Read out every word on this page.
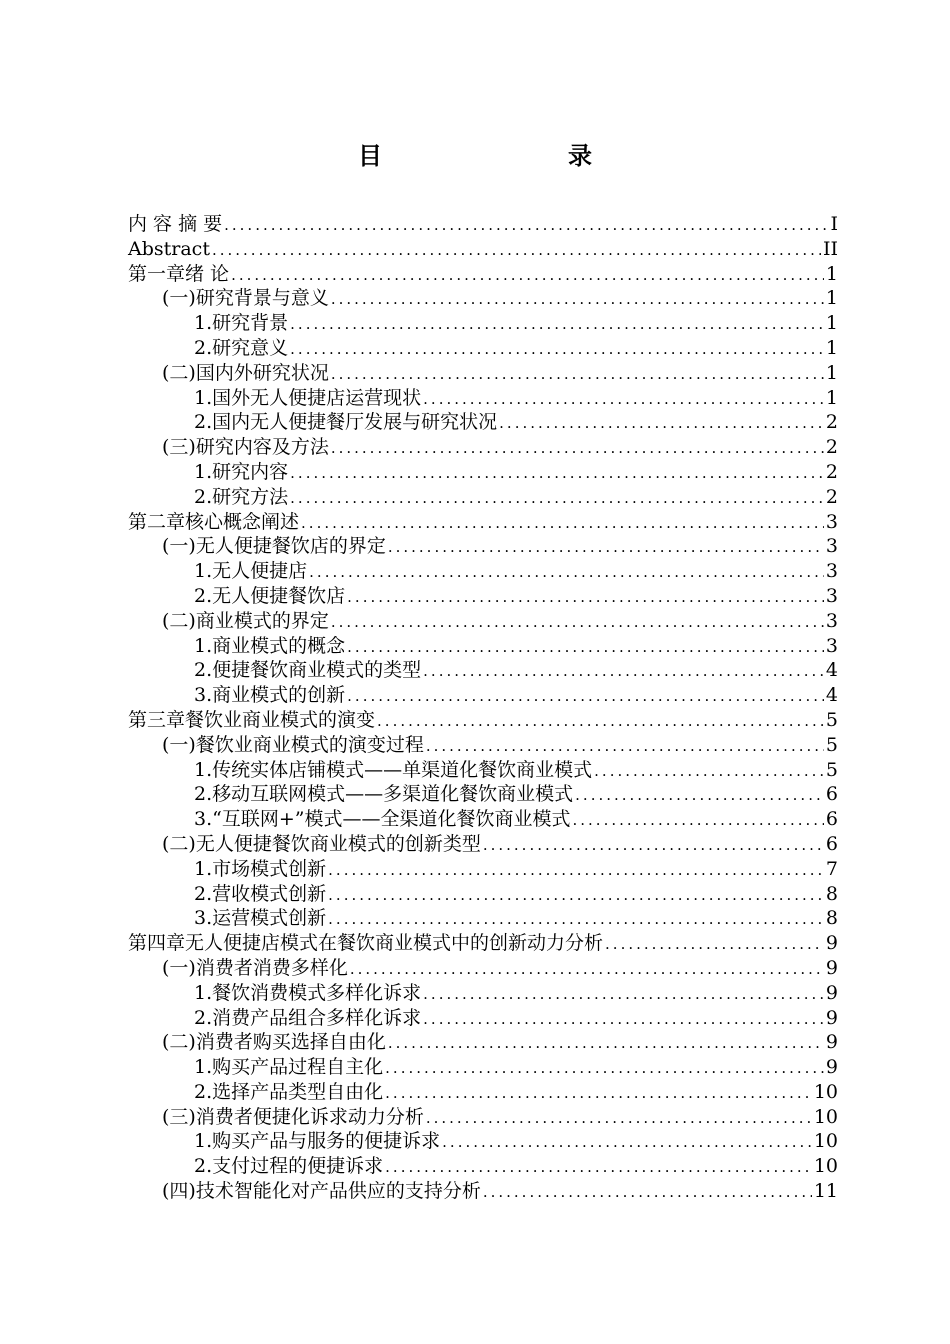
目　　录
内 容 摘 要 .....	I
Abstract .....	II
第一章 绪 论 .....	1
(一) 研究背景与意义 .....	1
1. 研究背景 .....	1
2. 研究意义 .....	1
(二) 国内外研究状况 .....	1
1. 国外无人便捷店运营现状 .....	1
2. 国内无人便捷餐厅发展与研究状况 .....	2
(三) 研究内容及方法 .....	2
1. 研究内容 .....	2
2. 研究方法 .....	2
第二章 核心概念阐述 .....	3
(一) 无人便捷餐饮店的界定 .....	3
1. 无人便捷店 .....	3
2. 无人便捷餐饮店 .....	3
(二) 商业模式的界定 .....	3
1. 商业模式的概念 .....	3
2. 便捷餐饮商业模式的类型 .....	4
3. 商业模式的创新 .....	4
第三章 餐饮业商业模式的演变 .....	5
(一) 餐饮业商业模式的演变过程 .....	5
1. 传统实体店铺模式——单渠道化餐饮商业模式 .....	5
2. 移动互联网模式——多渠道化餐饮商业模式 .....	6
3. “互联网+”模式——全渠道化餐饮商业模式 .....	6
(二) 无人便捷餐饮商业模式的创新类型 .....	6
1. 市场模式创新 .....	7
2. 营收模式创新 .....	8
3. 运营模式创新 .....	8
第四章 无人便捷店模式在餐饮商业模式中的创新动力分析 .....	9
(一) 消费者消费多样化 .....	9
1. 餐饮消费模式多样化诉求 .....	9
2. 消费产品组合多样化诉求 .....	9
(二) 消费者购买选择自由化 .....	9
1. 购买产品过程自主化 .....	9
2. 选择产品类型自由化 .....	10
(三) 消费者便捷化诉求动力分析 .....	10
1. 购买产品与服务的便捷诉求 .....	10
2. 支付过程的便捷诉求 .....	10
(四) 技术智能化对产品供应的支持分析 .....	11
